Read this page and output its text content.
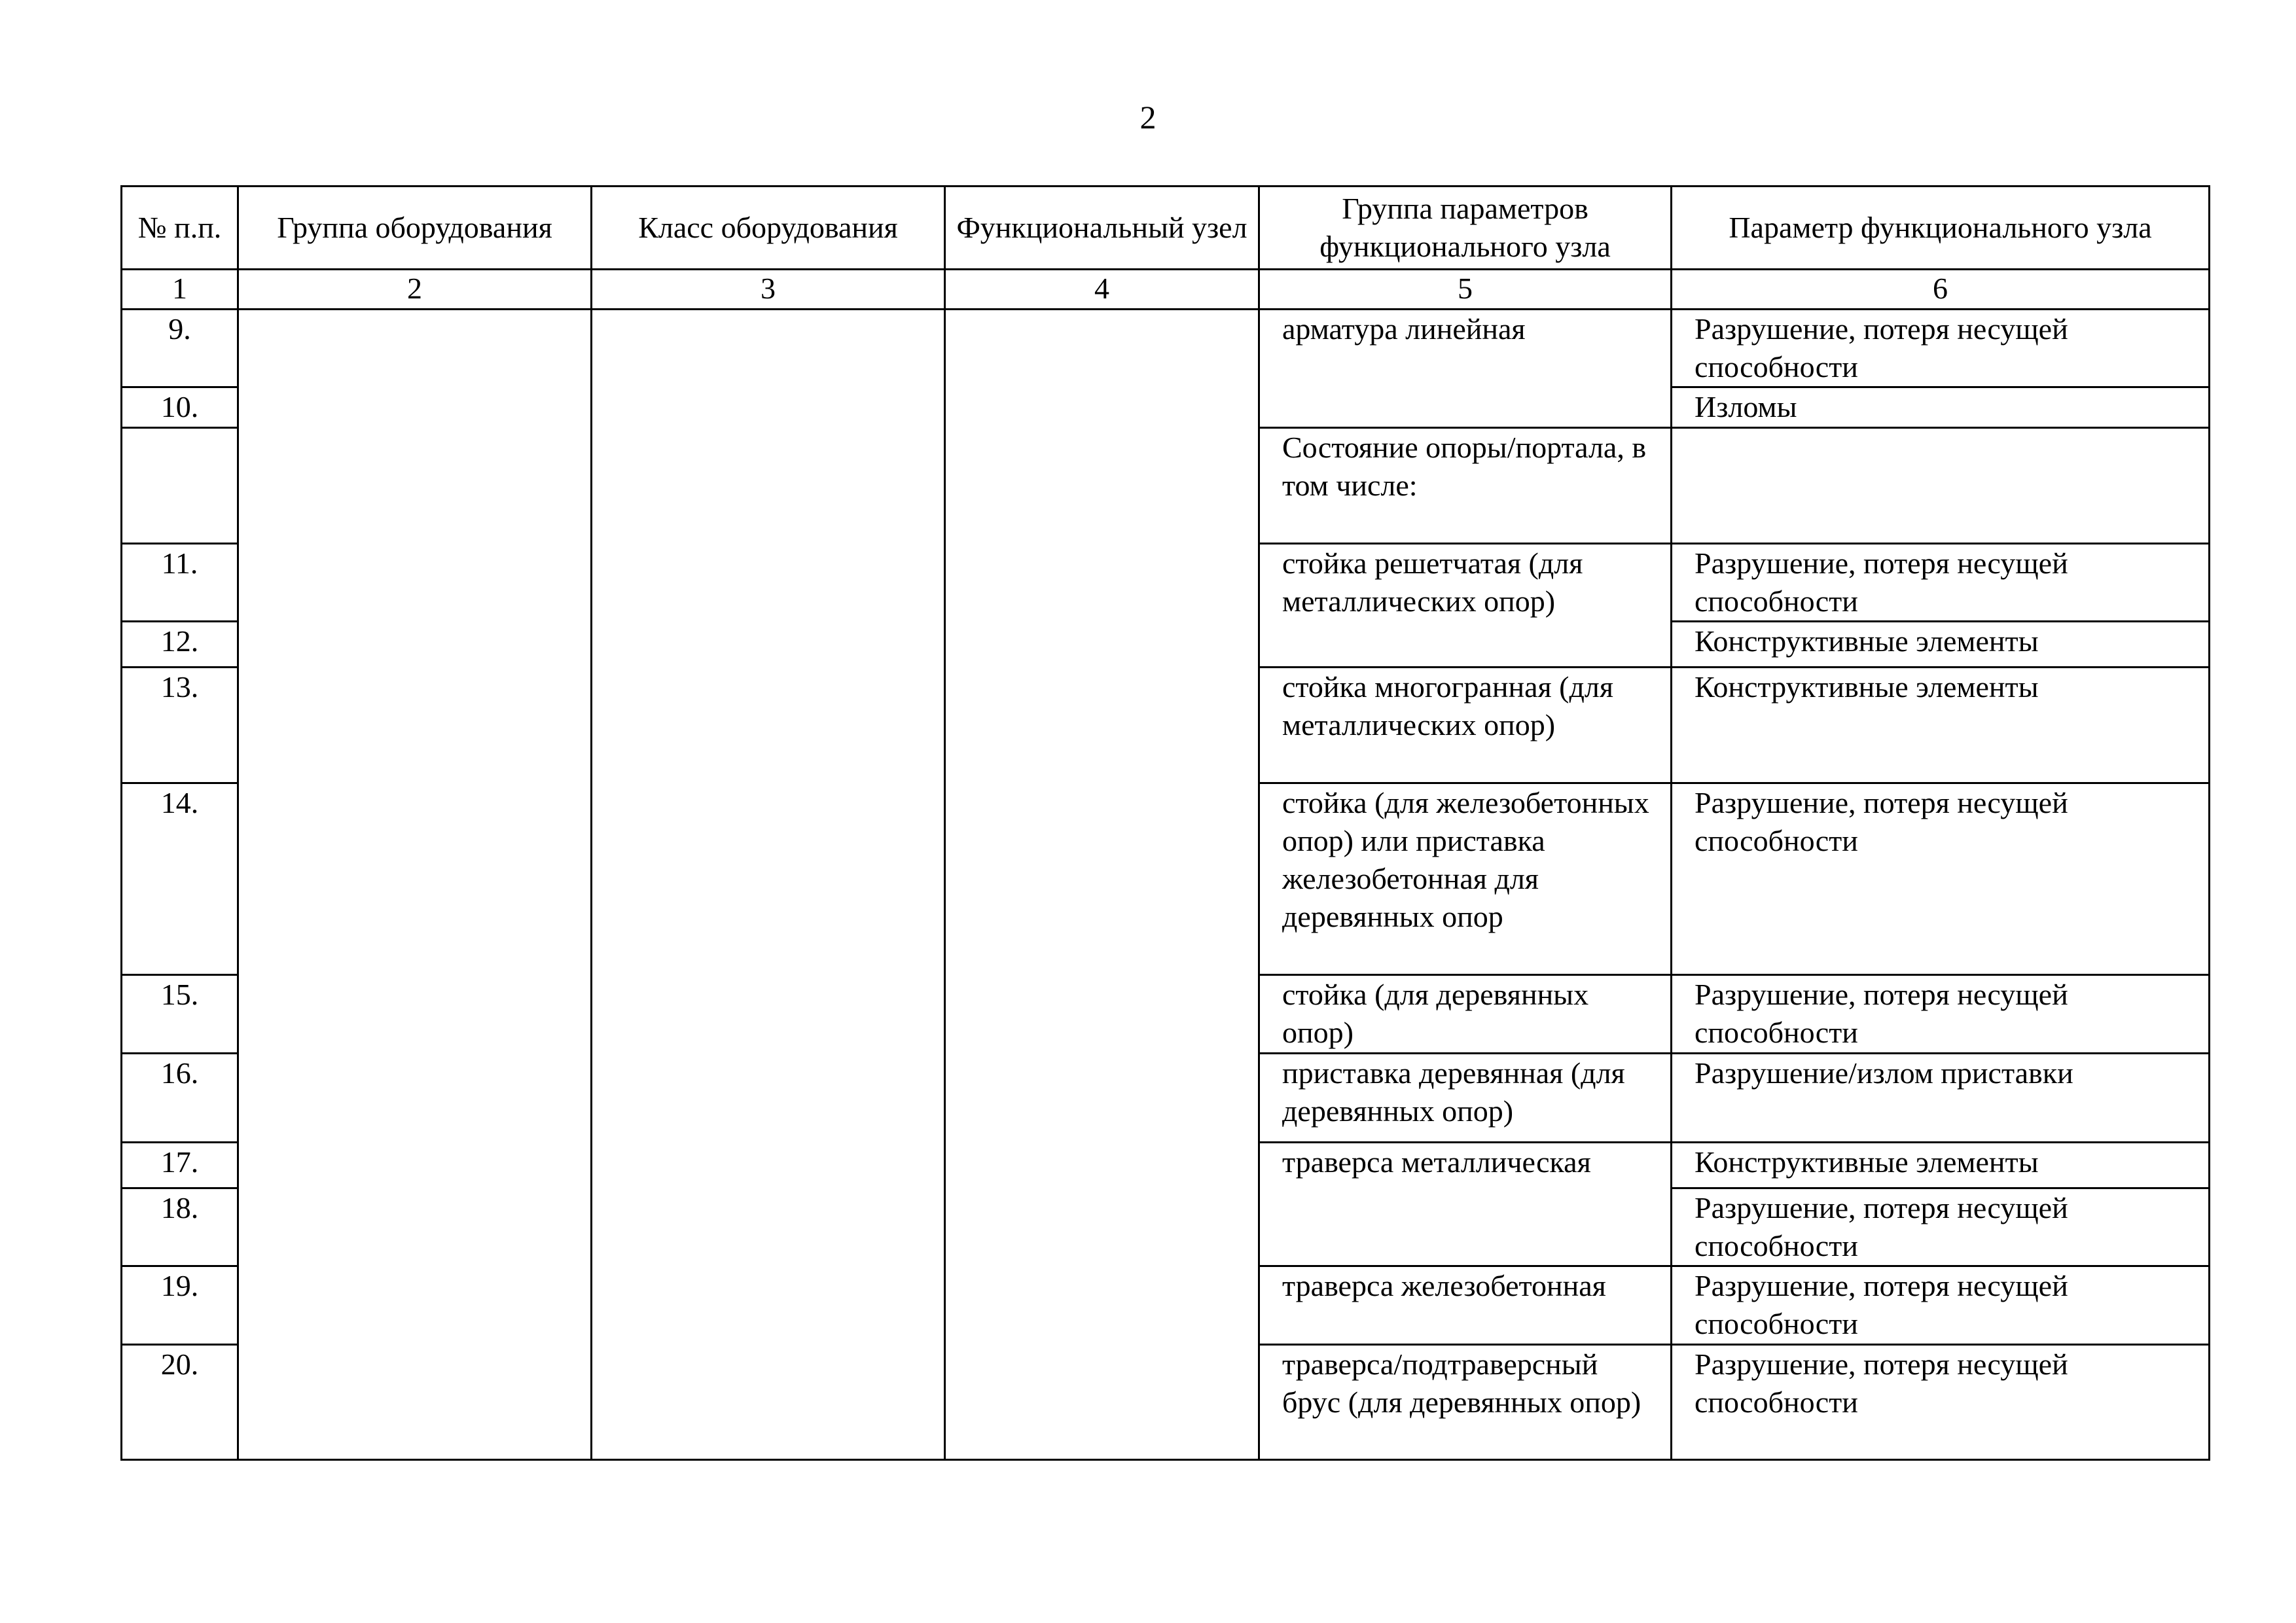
2
№ п.п.	Группа оборудования	Класс оборудования	Функциональный узел	Группа параметров функционального узла	Параметр функционального узла
1	2	3	4	5	6
9.				арматура линейная	Разрушение, потеря несущей способности
10.					Изломы
				Состояние опоры/портала, в том числе:	
11.				стойка решетчатая (для металлических опор)	Разрушение, потеря несущей способности
12.					Конструктивные элементы
13.				стойка многогранная (для металлических опор)	Конструктивные элементы
14.				стойка (для железобетонных опор) или приставка железобетонная для деревянных опор	Разрушение, потеря несущей способности
15.				стойка (для деревянных опор)	Разрушение, потеря несущей способности
16.				приставка деревянная (для деревянных опор)	Разрушение/излом приставки
17.				траверса металлическая	Конструктивные элементы
18.					Разрушение, потеря несущей способности
19.				траверса железобетонная	Разрушение, потеря несущей способности
20.				траверса/подтраверсный брус (для деревянных опор)	Разрушение, потеря несущей способности
